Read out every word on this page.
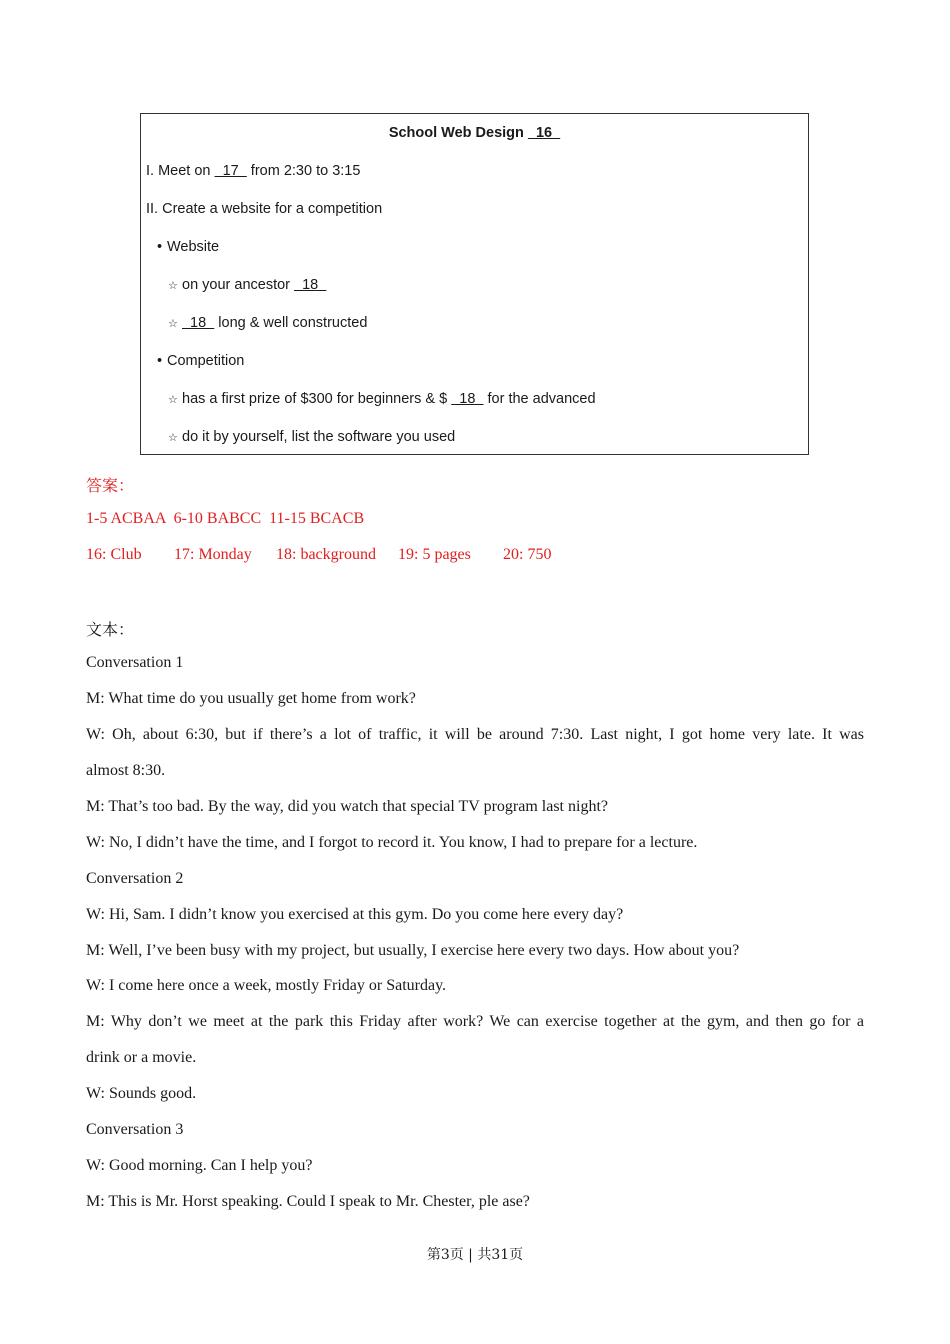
School Web Design   16
I. Meet on   17   from 2:30 to 3:15
II. Create a website for a competition
• Website
☆ on your ancestor   18
☆  18   long & well constructed
• Competition
☆ has a first prize of $300 for beginners & $   18   for the advanced
☆ do it by yourself, list the software you used
答案：
1-5 ACBAA  6-10 BABCC  11-15 BCACB
16: Club 17: Monday 18: background 19: 5 pages 20: 750
文本：
Conversation 1
M: What time do you usually get home from work?
W: Oh, about 6:30, but if there’s a lot of traffic, it will be around 7:30. Last night, I got home very late. It was
almost 8:30.
M: That’s too bad. By the way, did you watch that special TV program last night?
W: No, I didn’t have the time, and I forgot to record it. You know, I had to prepare for a lecture.
Conversation 2
W: Hi, Sam. I didn’t know you exercised at this gym. Do you come here every day?
M: Well, I’ve been busy with my project, but usually, I exercise here every two days. How about you?
W: I come here once a week, mostly Friday or Saturday.
M: Why don’t we meet at the park this Friday after work? We can exercise together at the gym, and then go for a
drink or a movie.
W: Sounds good.
Conversation 3
W: Good morning. Can I help you?
M: This is Mr. Horst speaking. Could I speak to Mr. Chester, ple ase?
第3页 | 共31页
